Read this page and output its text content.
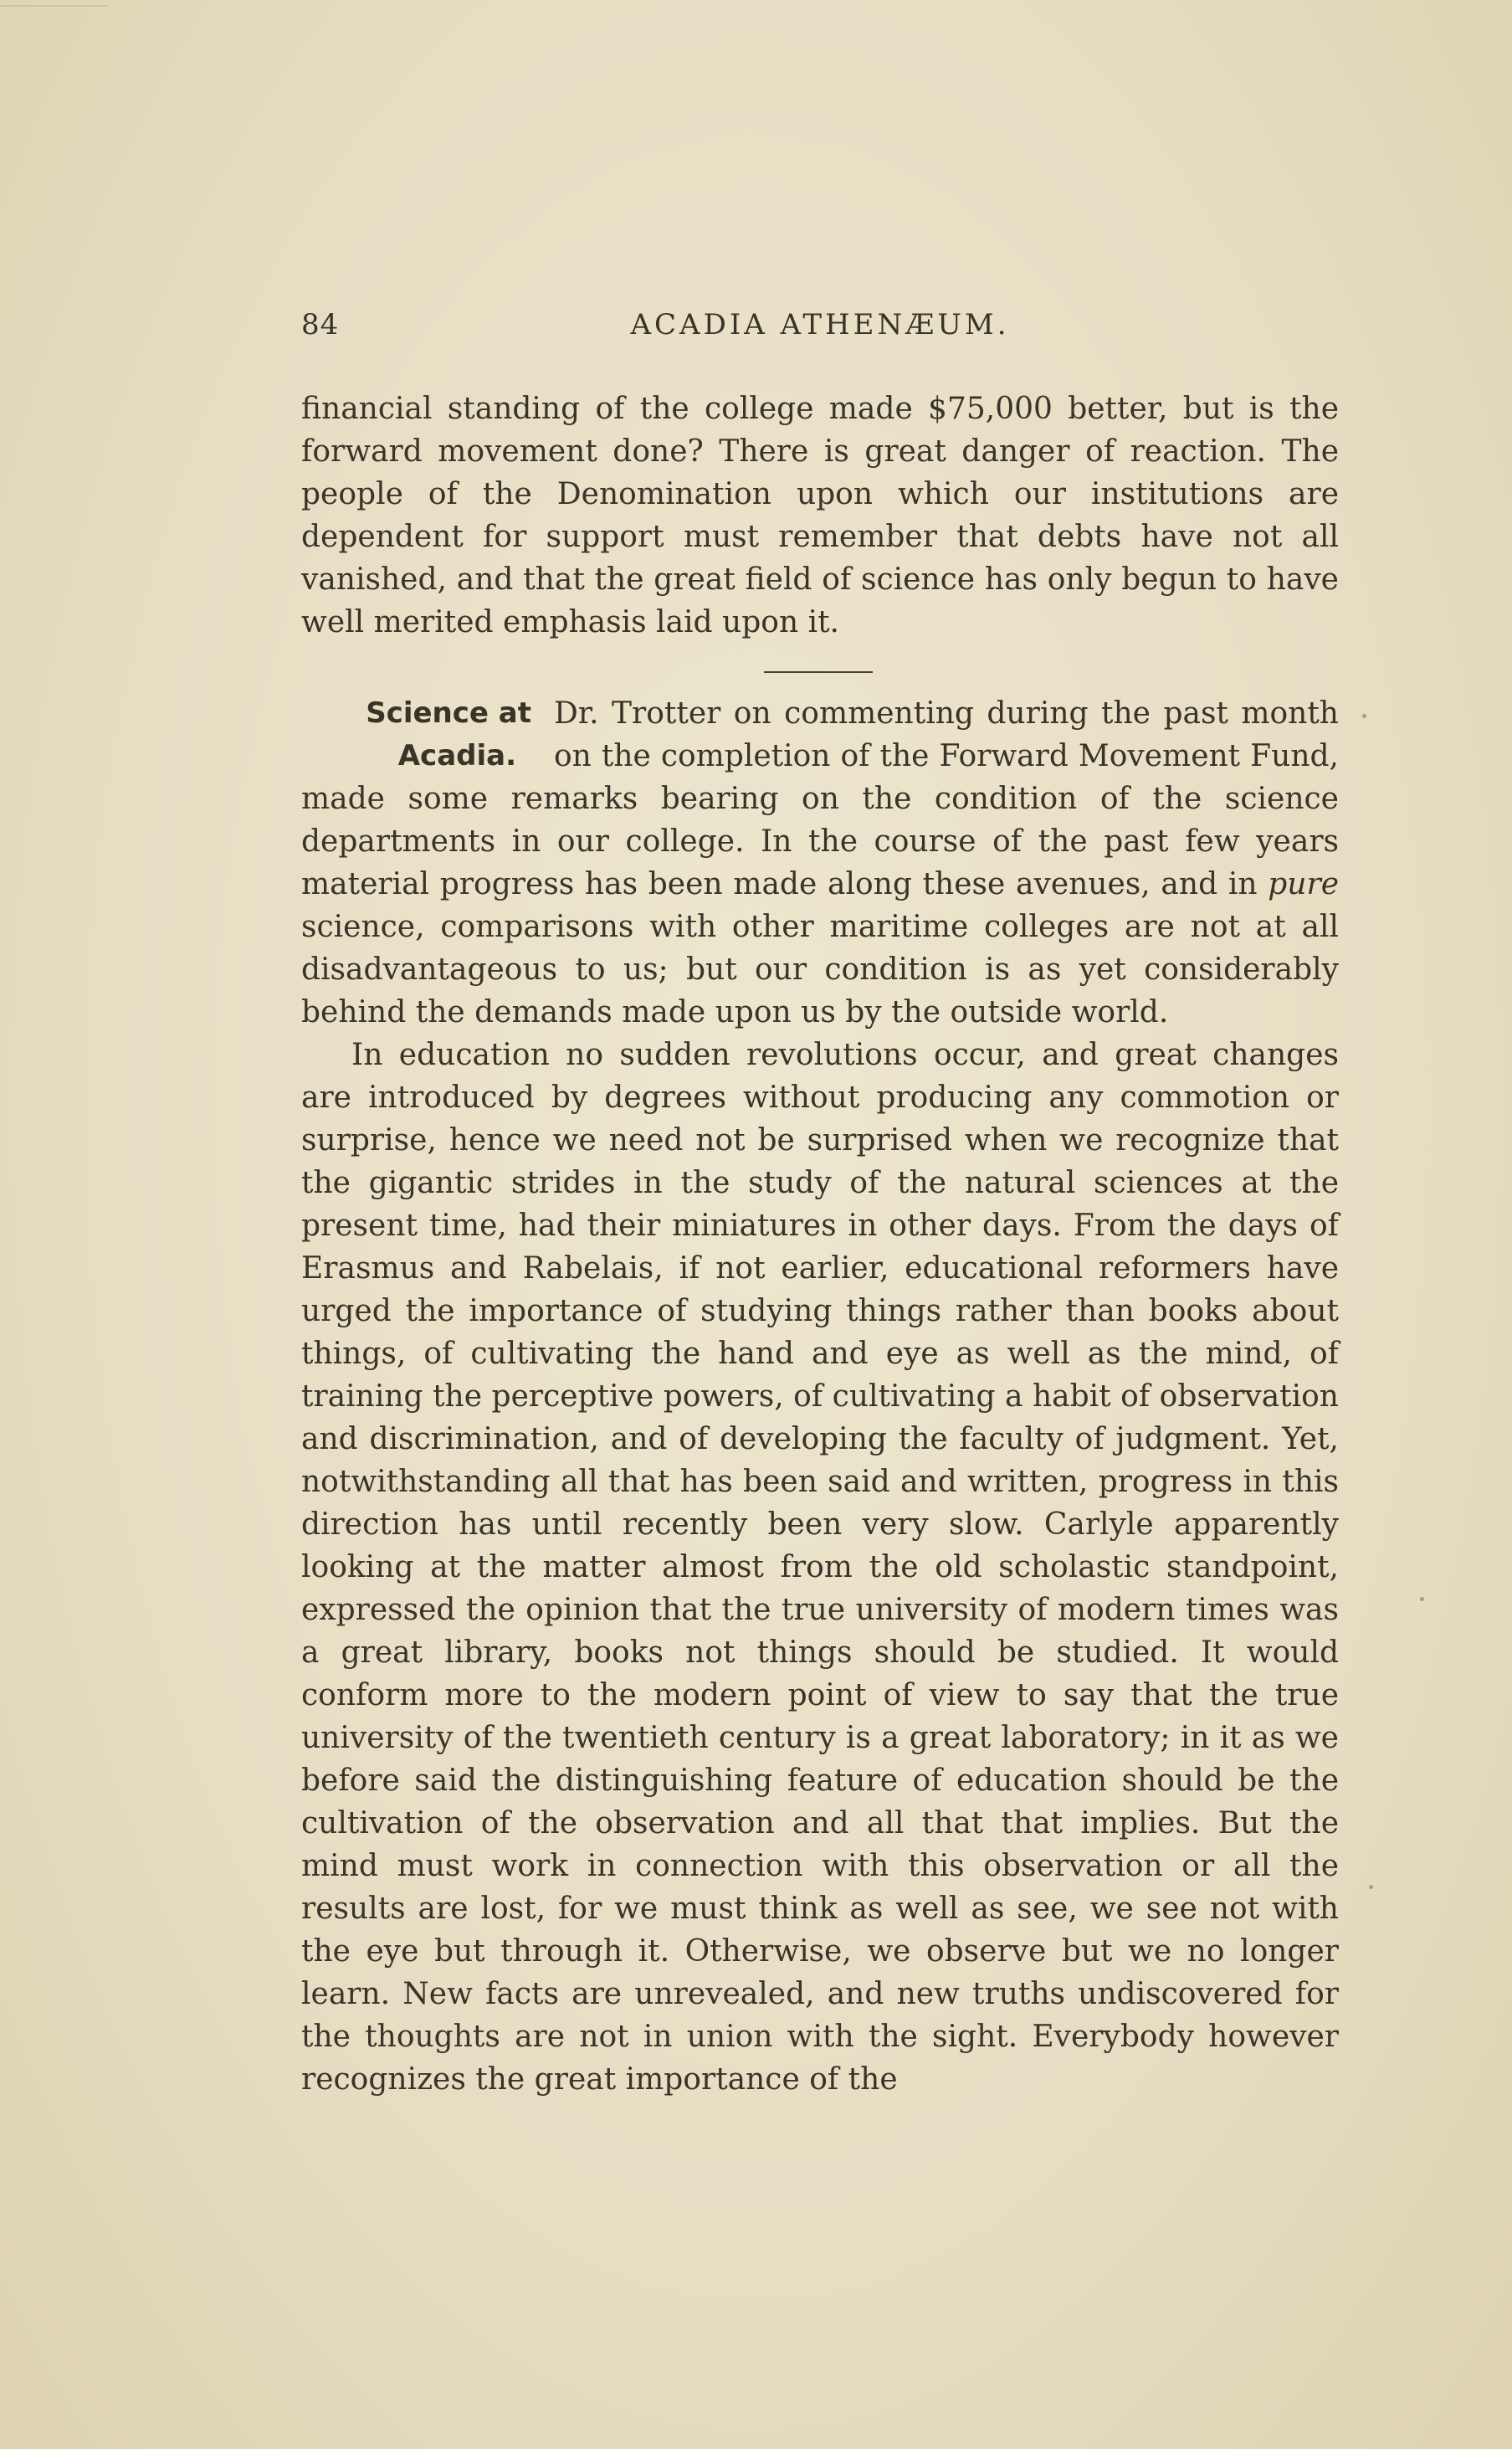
84	ACADIA ATHENÆUM.

financial standing of the college made $75,000 better, but is the forward movement done? There is great danger of reaction. The people of the Denomination upon which our institutions are dependent for support must remember that debts have not all vanished, and that the great field of science has only begun to have well merited emphasis laid upon it.

Science at
Acadia.

Dr. Trotter on commenting during the past month on the completion of the Forward Movement Fund, made some remarks bearing on the condition of the science departments in our college. In the course of the past few years material progress has been made along these avenues, and in pure science, comparisons with other maritime colleges are not at all disadvantageous to us; but our condition is as yet considerably behind the demands made upon us by the outside world.

In education no sudden revolutions occur, and great changes are introduced by degrees without producing any commotion or surprise, hence we need not be surprised when we recognize that the gigantic strides in the study of the natural sciences at the present time, had their miniatures in other days. From the days of Erasmus and Rabelais, if not earlier, educational reformers have urged the importance of studying things rather than books about things, of cultivating the hand and eye as well as the mind, of training the perceptive powers, of cultivating a habit of observation and discrimination, and of developing the faculty of judgment. Yet, notwithstanding all that has been said and written, progress in this direction has until recently been very slow. Carlyle apparently looking at the matter almost from the old scholastic standpoint, expressed the opinion that the true university of modern times was a great library, books not things should be studied. It would conform more to the modern point of view to say that the true university of the twentieth century is a great laboratory; in it as we before said the distinguishing feature of education should be the cultivation of the observation and all that that implies. But the mind must work in connection with this observation or all the results are lost, for we must think as well as see, we see not with the eye but through it. Otherwise, we observe but we no longer learn. New facts are unrevealed, and new truths undiscovered for the thoughts are not in union with the sight. Everybody however recognizes the great importance of the
